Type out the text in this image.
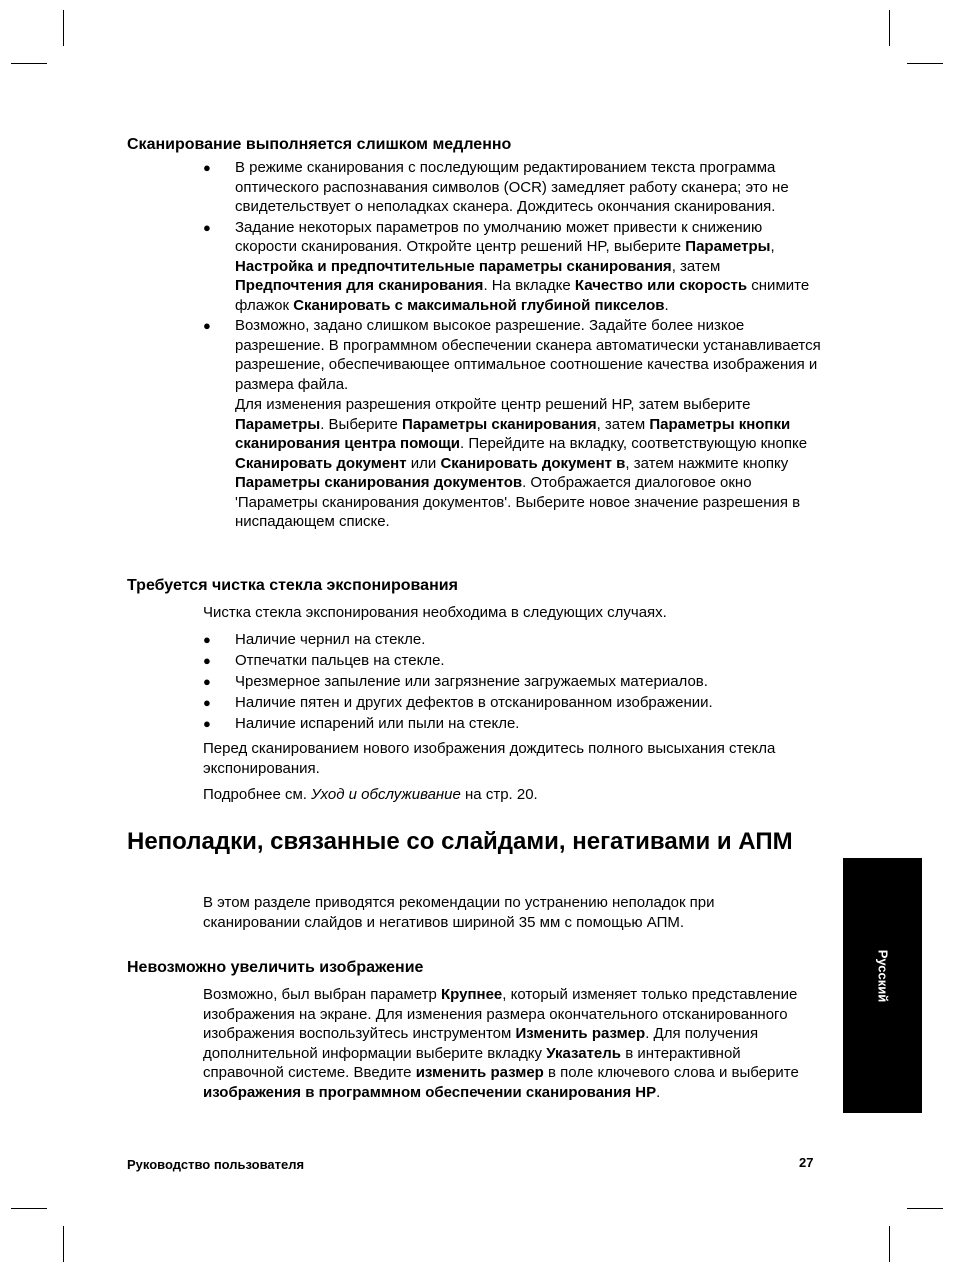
Сканирование выполняется слишком медленно
● В режиме сканирования с последующим редактированием текста программа оптического распознавания символов (OCR) замедляет работу сканера; это не свидетельствует о неполадках сканера. Дождитесь окончания сканирования.
● Задание некоторых параметров по умолчанию может привести к снижению скорости сканирования. Откройте центр решений HP, выберите Параметры, Настройка и предпочтительные параметры сканирования, затем Предпочтения для сканирования. На вкладке Качество или скорость снимите флажок Сканировать с максимальной глубиной пикселов.
● Возможно, задано слишком высокое разрешение. Задайте более низкое разрешение. В программном обеспечении сканера автоматически устанавливается разрешение, обеспечивающее оптимальное соотношение качества изображения и размера файла.
Для изменения разрешения откройте центр решений HP, затем выберите Параметры. Выберите Параметры сканирования, затем Параметры кнопки сканирования центра помощи. Перейдите на вкладку, соответствующую кнопке Сканировать документ или Сканировать документ в, затем нажмите кнопку Параметры сканирования документов. Отображается диалоговое окно 'Параметры сканирования документов'. Выберите новое значение разрешения в ниспадающем списке.
Требуется чистка стекла экспонирования

Чистка стекла экспонирования необходима в следующих случаях.

● Наличие чернил на стекле.
● Отпечатки пальцев на стекле.
● Чрезмерное запыление или загрязнение загружаемых материалов.
● Наличие пятен и других дефектов в отсканированном изображении.
● Наличие испарений или пыли на стекле.

Перед сканированием нового изображения дождитесь полного высыхания стекла экспонирования.

Подробнее см. Уход и обслуживание на стр. 20.

Неполадки, связанные со слайдами, негативами и АПМ

В этом разделе приводятся рекомендации по устранению неполадок при сканировании слайдов и негативов шириной 35 мм с помощью АПМ.

Невозможно увеличить изображение

Возможно, был выбран параметр Крупнее, который изменяет только представление изображения на экране. Для изменения размера окончательного отсканированного изображения воспользуйтесь инструментом Изменить размер. Для получения дополнительной информации выберите вкладку Указатель в интерактивной справочной системе. Введите изменить размер в поле ключевого слова и выберите изображения в программном обеспечении сканирования HP.

Русский
Руководство пользователя	27
